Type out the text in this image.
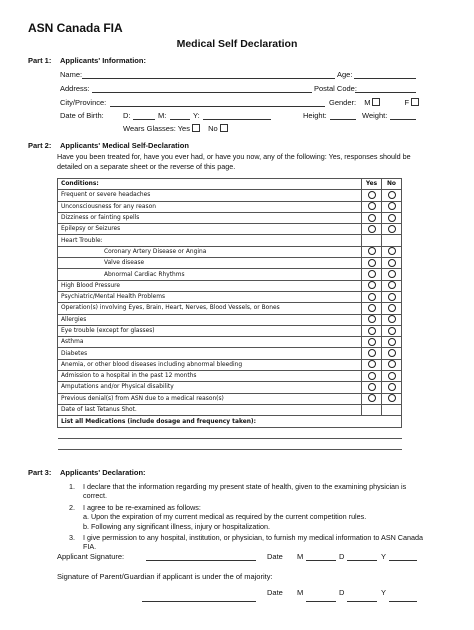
ASN Canada FIA
Medical Self Declaration
Part 1: Applicants' Information:
Name:	Age:
Address:	Postal Code:
City/Province:	Gender: M	F
Date of Birth:	D:	M:	Y:	Height:	Weight:
Wears Glasses: Yes No
Part 2: Applicants' Medical Self-Declaration
Have you been treated for, have you ever had, or have you now, any of the following: Yes, responses should be detailed on a separate sheet or the reverse of this page.
Conditions:	Yes	No
Frequent or severe headaches		
Unconsciousness for any reason		
Dizziness or fainting spells		
Epilepsy or Seizures		
Heart Trouble:		
Coronary Artery Disease or Angina		
Valve disease		
Abnormal Cardiac Rhythms		
High Blood Pressure		
Psychiatric/Mental Health Problems		
Operation(s) involving Eyes, Brain, Heart, Nerves, Blood Vessels, or Bones		
Allergies		
Eye trouble (except for glasses)		
Asthma		
Diabetes		
Anemia, or other blood diseases including abnormal bleeding		
Admission to a hospital in the past 12 months		
Amputations and/or Physical disability		
Previous denial(s) from ASN due to a medical reason(s)		
Date of last Tetanus Shot.		
List all Medications (include dosage and frequency taken):		

Part 3: Applicants' Declaration:
1. I declare that the information regarding my present state of health, given to the examining physician is
correct.
2. I agree to be re-examined as follows:
a. Upon the expiration of my current medical as required by the current competition rules.
b. Following any significant illness, injury or hospitalization.
3. I give permission to any hospital, institution, or physician, to furnish my medical information to ASN Canada
FIA.
Applicant Signature:	Date M	D	Y
Signature of Parent/Guardian if applicant is under the of majority:
Date M	D	Y
